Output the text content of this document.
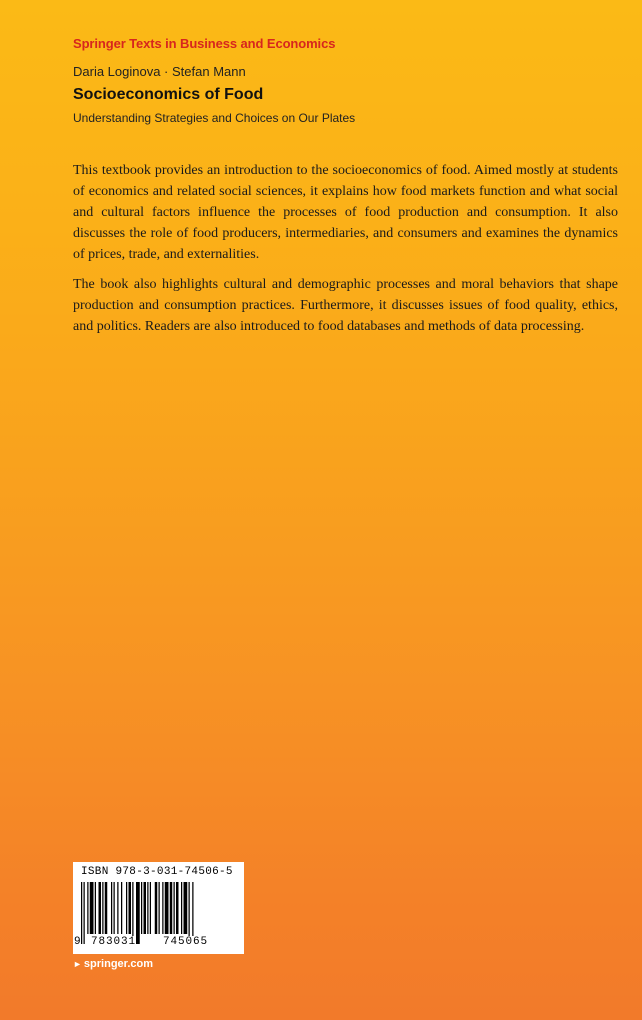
Springer Texts in Business and Economics
Daria Loginova · Stefan Mann
Socioeconomics of Food
Understanding Strategies and Choices on Our Plates

This textbook provides an introduction to the socioeconomics of food. Aimed mostly at students of economics and related social sciences, it explains how food markets function and what social and cultural factors influence the processes of food production and consumption. It also discusses the role of food producers, intermediaries, and consumers and examines the dynamics of prices, trade, and externalities.

The book also highlights cultural and demographic processes and moral behaviors that shape production and consumption practices. Furthermore, it discusses issues of food quality, ethics, and politics. Readers are also introduced to food databases and methods of data processing.

ISBN 978-3-031-74506-5
9 783031 745065
► springer.com
